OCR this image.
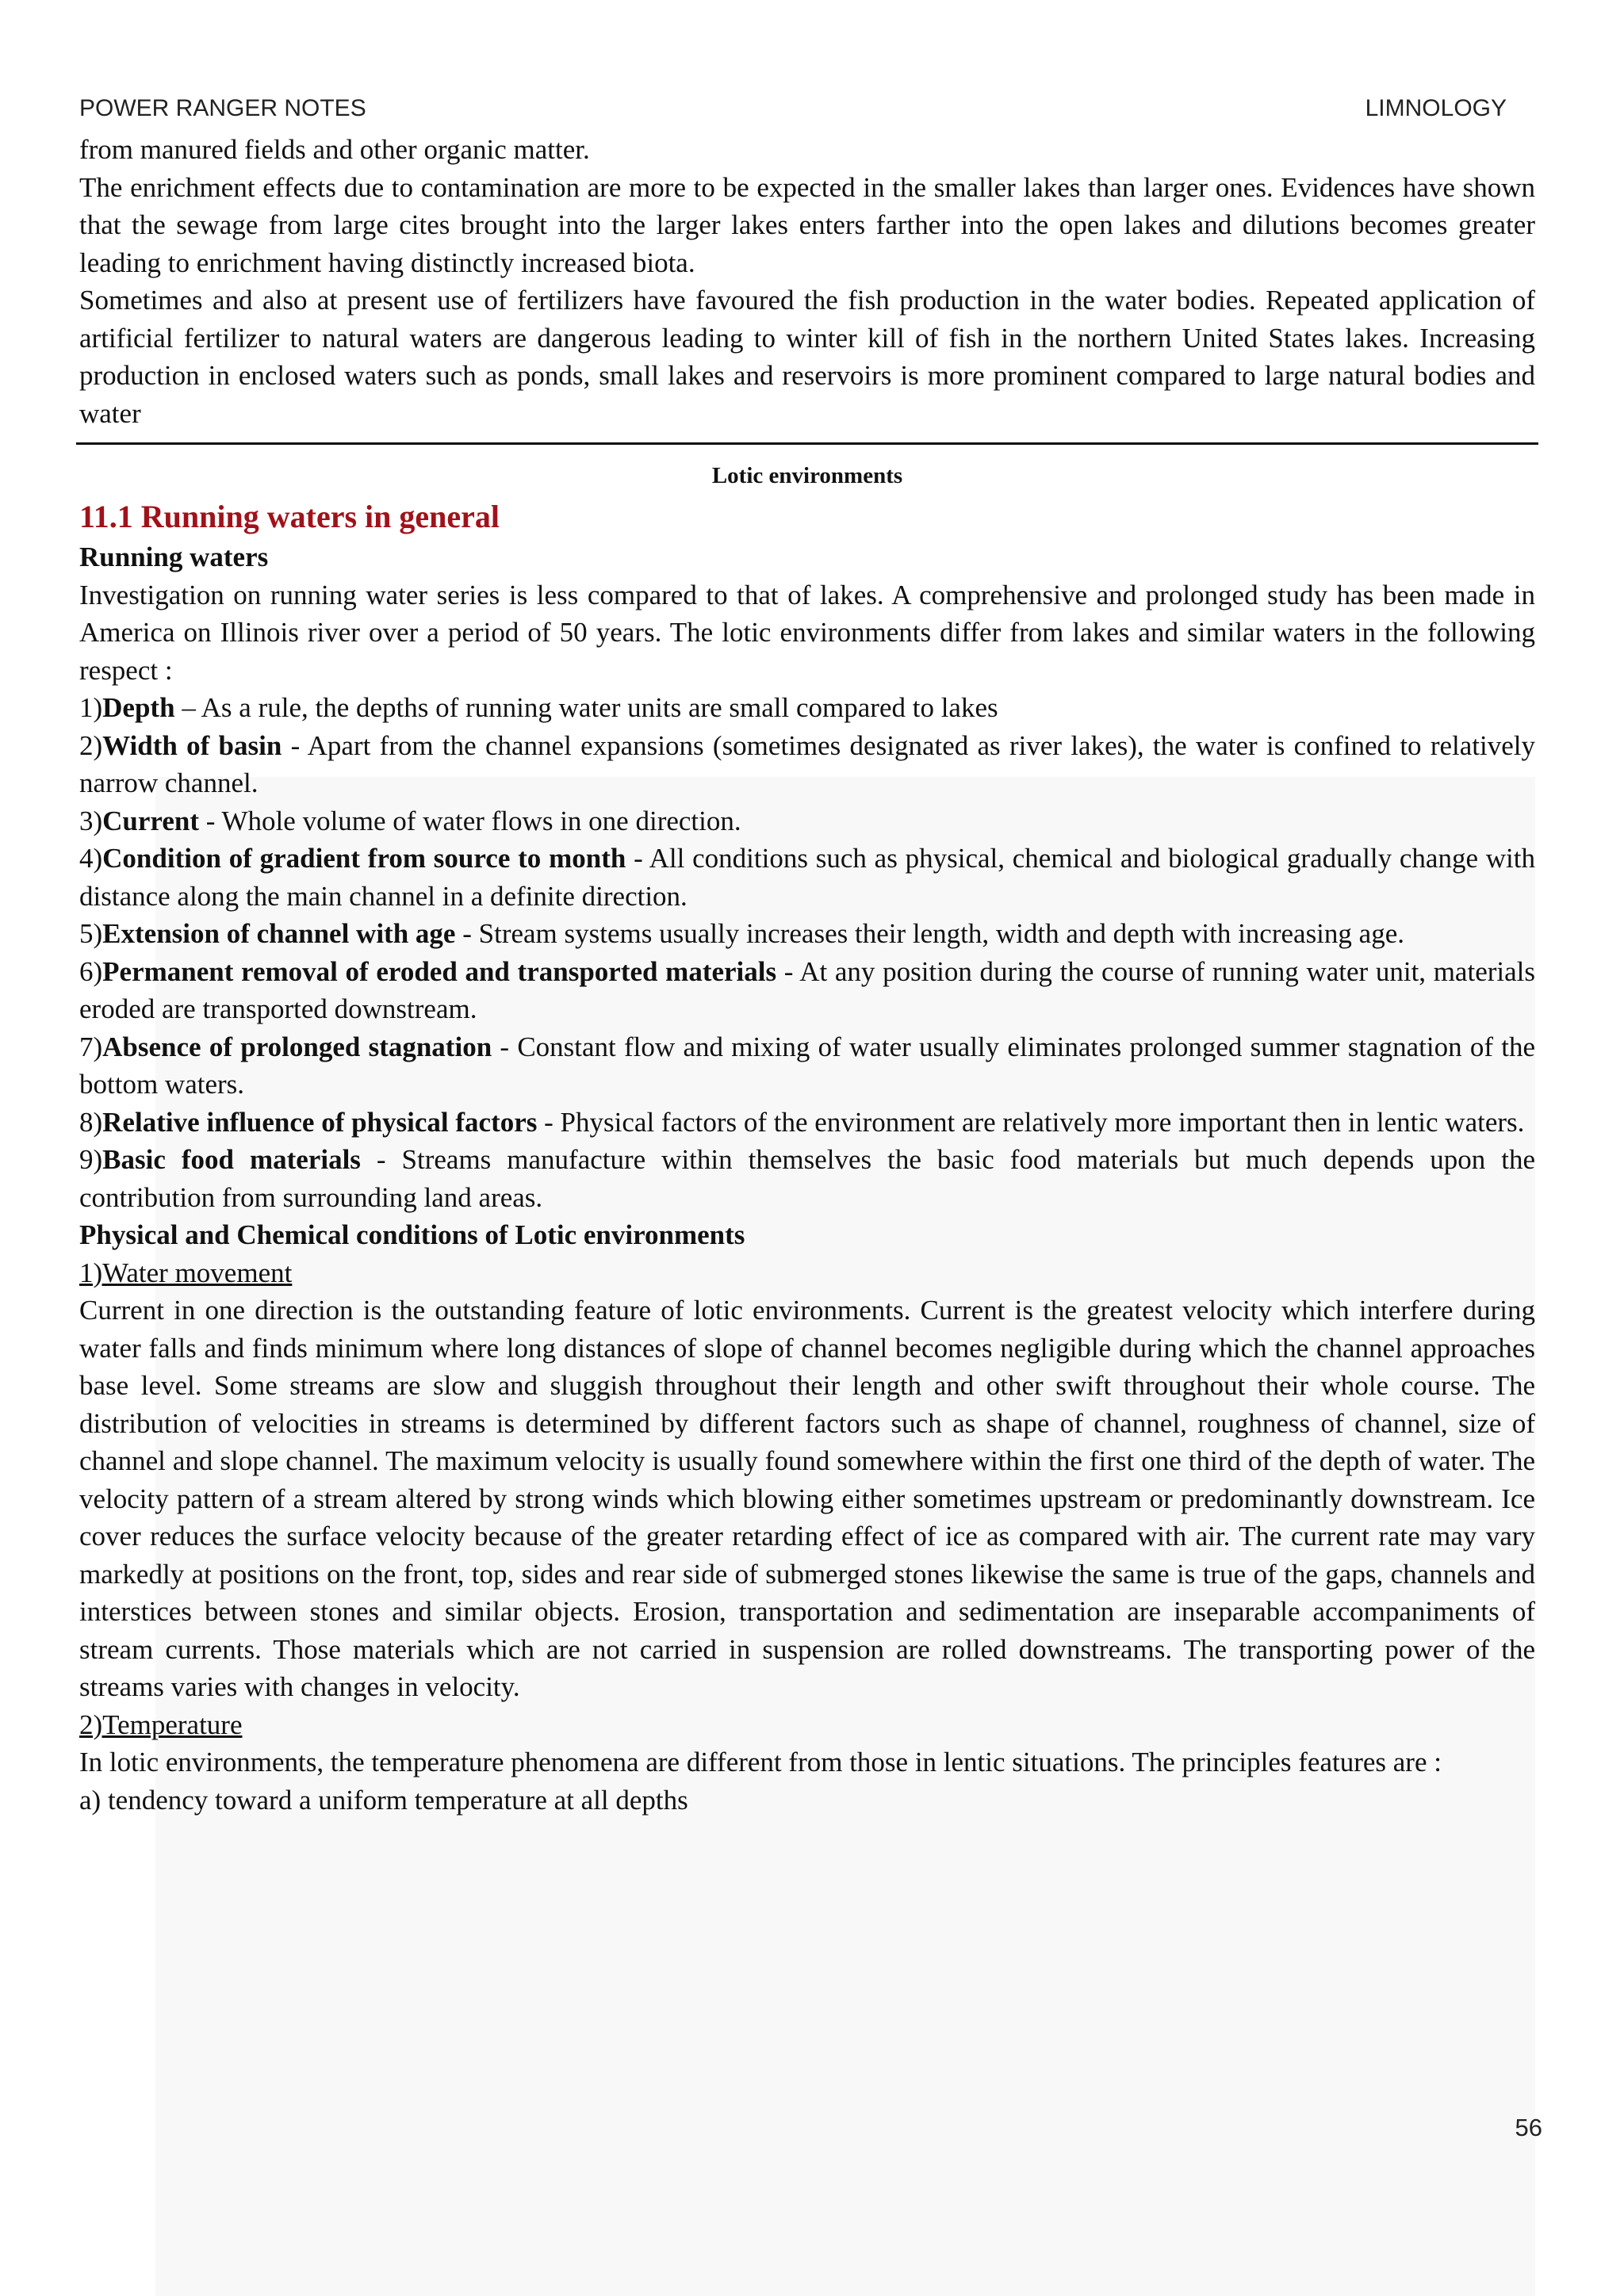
POWER RANGER NOTES	LIMNOLOGY

from manured fields and other organic matter.

The enrichment effects due to contamination are more to be expected in the smaller lakes than larger ones. Evidences have shown that the sewage from large cites brought into the larger lakes enters farther into the open lakes and dilutions becomes greater leading to enrichment having distinctly increased biota.

Sometimes and also at present use of fertilizers have favoured the fish production in the water bodies. Repeated application of artificial fertilizer to natural waters are dangerous leading to winter kill of fish in the northern United States lakes. Increasing production in enclosed waters such as ponds, small lakes and reservoirs is more prominent compared to large natural bodies and water

Lotic environments
11.1 Running waters in general
Running waters

Investigation on running water series is less compared to that of lakes. A comprehensive and prolonged study has been made in America on Illinois river over a period of 50 years. The lotic environments differ from lakes and similar waters in the following respect :

1)Depth – As a rule, the depths of running water units are small compared to lakes

2)Width of basin - Apart from the channel expansions (sometimes designated as river lakes), the water is confined to relatively narrow channel.

3)Current - Whole volume of water flows in one direction.

4)Condition of gradient from source to month - All conditions such as physical, chemical and biological gradually change with distance along the main channel in a definite direction.

5)Extension of channel with age - Stream systems usually increases their length, width and depth with increasing age.

6)Permanent removal of eroded and transported materials - At any position during the course of running water unit, materials eroded are transported downstream.

7)Absence of prolonged stagnation - Constant flow and mixing of water usually eliminates prolonged summer stagnation of the bottom waters.

8)Relative influence of physical factors - Physical factors of the environment are relatively more important then in lentic waters.

9)Basic food materials - Streams manufacture within themselves the basic food materials but much depends upon the contribution from surrounding land areas.

Physical and Chemical conditions of Lotic environments
1)Water movement

Current in one direction is the outstanding feature of lotic environments. Current is the greatest velocity which interfere during water falls and finds minimum where long distances of slope of channel becomes negligible during which the channel approaches base level. Some streams are slow and sluggish throughout their length and other swift throughout their whole course. The distribution of velocities in streams is determined by different factors such as shape of channel, roughness of channel, size of channel and slope channel. The maximum velocity is usually found somewhere within the first one third of the depth of water. The velocity pattern of a stream altered by strong winds which blowing either sometimes upstream or predominantly downstream. Ice cover reduces the surface velocity because of the greater retarding effect of ice as compared with air. The current rate may vary markedly at positions on the front, top, sides and rear side of submerged stones likewise the same is true of the gaps, channels and interstices between stones and similar objects. Erosion, transportation and sedimentation are inseparable accompaniments of stream currents. Those materials which are not carried in suspension are rolled downstreams. The transporting power of the streams varies with changes in velocity.

2)Temperature

In lotic environments, the temperature phenomena are different from those in lentic situations. The principles features are :

a) tendency toward a uniform temperature at all depths

56
